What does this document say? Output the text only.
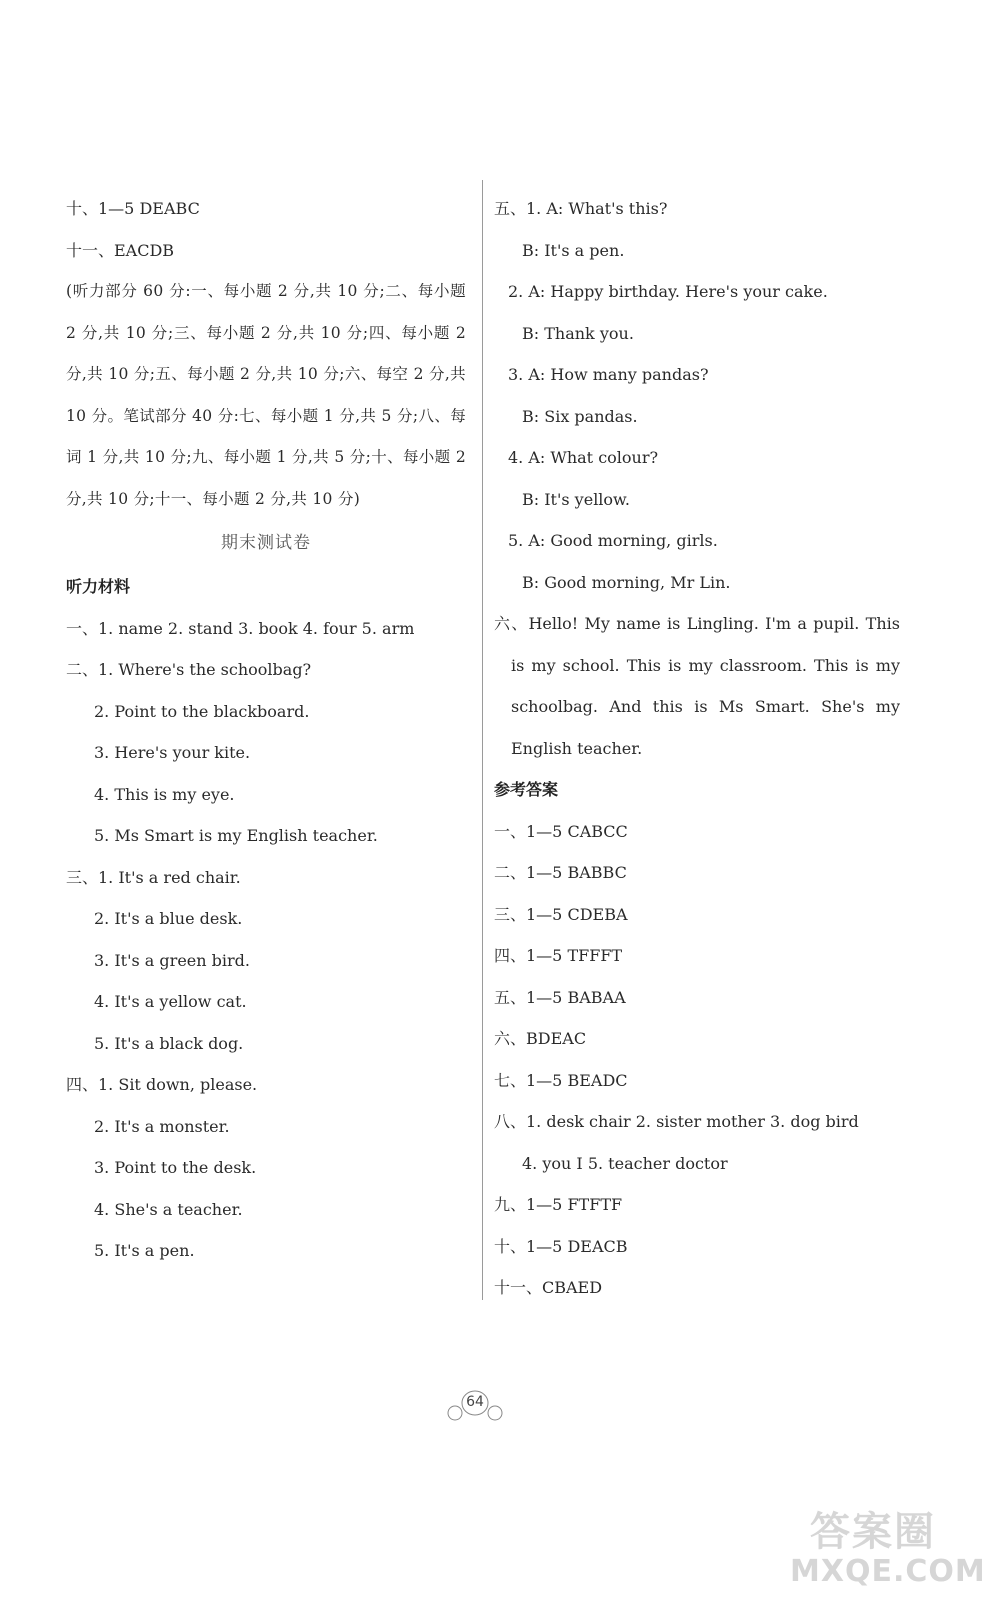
十、1—5 DEABC
十一、EACDB
(听力部分 60 分:一、每小题 2 分,共 10 分;二、每小题 2 分,共 10 分;三、每小题 2 分,共 10 分;四、每小题 2 分,共 10 分;五、每小题 2 分,共 10 分;六、每空 2 分,共 10 分。笔试部分 40 分:七、每小题 1 分,共 5 分;八、每词 1 分,共 10 分;九、每小题 1 分,共 5 分;十、每小题 2 分,共 10 分;十一、每小题 2 分,共 10 分)
期末测试卷
听力材料
一、1. name 2. stand 3. book 4. four 5. arm
二、1. Where's the schoolbag?
2. Point to the blackboard.
3. Here's your kite.
4. This is my eye.
5. Ms Smart is my English teacher.
三、1. It's a red chair.
2. It's a blue desk.
3. It's a green bird.
4. It's a yellow cat.
5. It's a black dog.
四、1. Sit down, please.
2. It's a monster.
3. Point to the desk.
4. She's a teacher.
5. It's a pen.
五、1. A: What's this?
B: It's a pen.
2. A: Happy birthday. Here's your cake.
B: Thank you.
3. A: How many pandas?
B: Six pandas.
4. A: What colour?
B: It's yellow.
5. A: Good morning, girls.
B: Good morning, Mr Lin.
六、Hello! My name is Lingling. I'm a pupil. This is my school. This is my classroom. This is my schoolbag. And this is Ms Smart. She's my English teacher.
参考答案
一、1—5 CABCC
二、1—5 BABBC
三、1—5 CDEBA
四、1—5 TFFFT
五、1—5 BABAA
六、BDEAC
七、1—5 BEADC
八、1. desk chair 2. sister mother 3. dog bird
4. you I 5. teacher doctor
九、1—5 FTFTF
十、1—5 DEACB
十一、CBAED
64
答案圈
MXQE.COM
